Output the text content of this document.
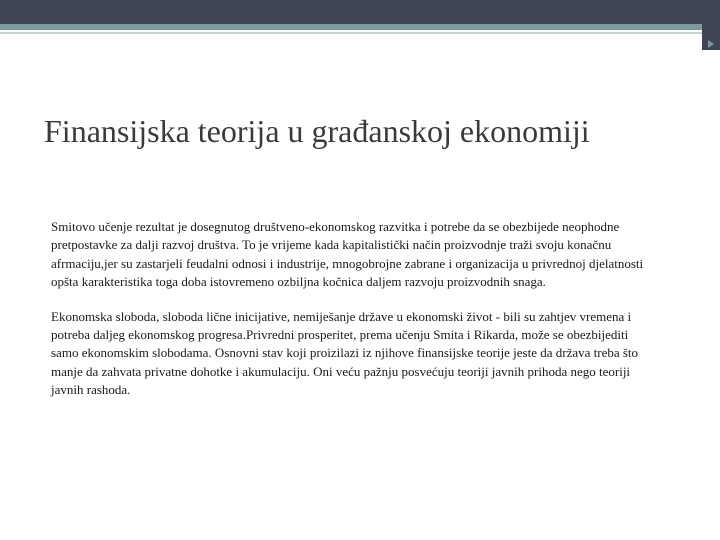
Finansijska teorija u građanskoj ekonomiji

Smitovo učenje rezultat je dosegnutog društveno-ekonomskog razvitka i potrebe da se obezbijede neophodne pretpostavke za dalji razvoj društva. To je vrijeme kada kapitalistički način proizvodnje traži svoju konačnu afrmaciju,jer su zastarjeli feudalni odnosi i industrije, mnogobrojne zabrane i organizacija u privrednoj djelatnosti opšta karakteristika toga doba istovremeno ozbiljna kočnica daljem razvoju proizvodnih snaga.

Ekonomska sloboda, sloboda lične inicijative, nemiješanje države u ekonomski život - bili su zahtjev vremena i potreba daljeg ekonomskog progresa.Privredni prosperitet, prema učenju Smita i Rikarda, može se obezbijediti samo ekonomskim slobodama. Osnovni stav koji proizilazi iz njihove finansijske teorije jeste da država treba što manje da zahvata privatne dohotke i akumulaciju. Oni veću pažnju posvećuju teoriji javnih prihoda nego teoriji javnih rashoda.
